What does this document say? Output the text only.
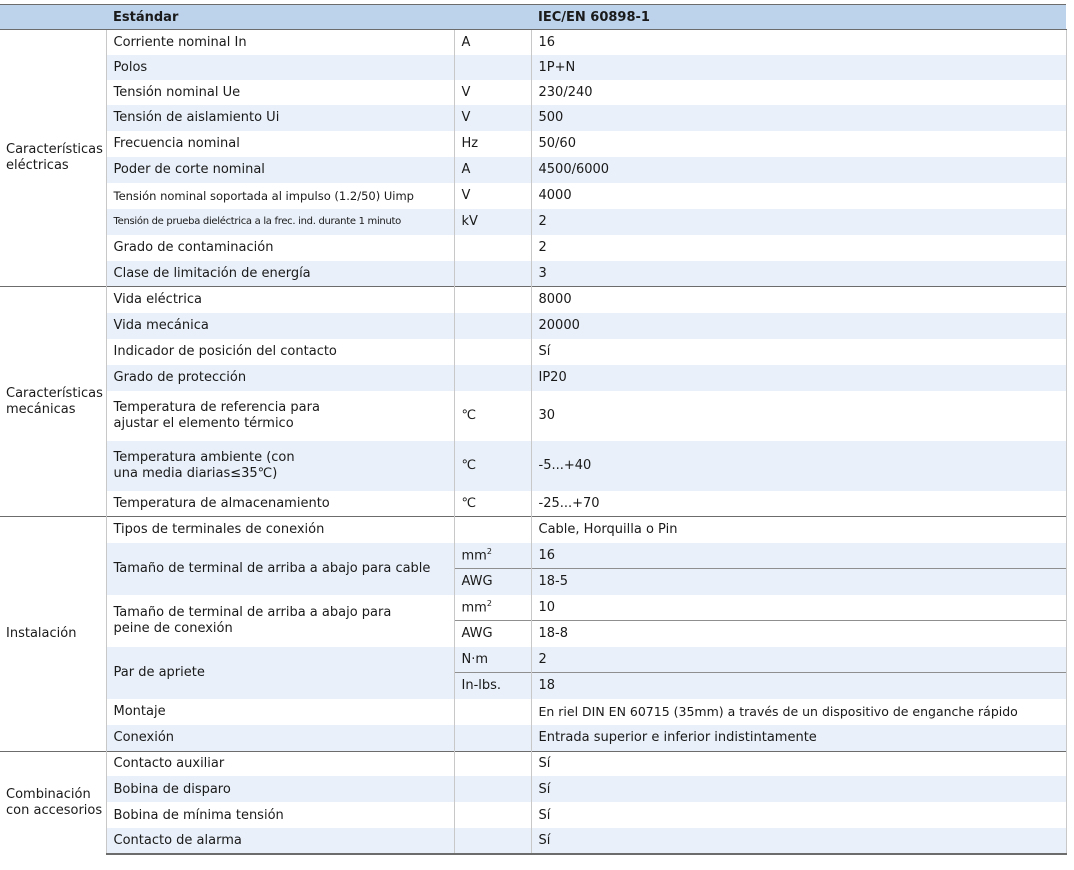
	Estándar		IEC/EN 60898-1
Características eléctricas	Corriente nominal In	A	16
	Polos		1P+N
	Tensión nominal Ue	V	230/240
	Tensión de aislamiento Ui	V	500
	Frecuencia nominal	Hz	50/60
	Poder de corte nominal	A	4500/6000
	Tensión nominal soportada al impulso (1.2/50) Uimp	V	4000
	Tensión de prueba dieléctrica a la frec. ind. durante 1 minuto	kV	2
	Grado de contaminación		2
	Clase de limitación de energía		3
Características mecánicas	Vida eléctrica		8000
	Vida mecánica		20000
	Indicador de posición del contacto		Sí
	Grado de protección		IP20
	Temperatura de referencia para ajustar el elemento térmico	℃	30
	Temperatura ambiente (con una media diarias≤35℃)	℃	-5...+40
	Temperatura de almacenamiento	℃	-25...+70
Instalación	Tipos de terminales de conexión		Cable, Horquilla o Pin
	Tamaño de terminal de arriba a abajo para cable	$mm^2$	16
		AWG	18-5
	Tamaño de terminal de arriba a abajo para peine de conexión	$mm^2$	10
		AWG	18-8
	Par de apriete	N·m	2
		In-lbs.	18
	Montaje		En riel DIN EN 60715 (35mm) a través de un dispositivo de enganche rápido
	Conexión		Entrada superior e inferior indistintamente

Combinación con accesorios	Contacto auxiliar		Sí
	Bobina de disparo		Sí
	Bobina de mínima tensión		Sí
	Contacto de alarma		Sí
